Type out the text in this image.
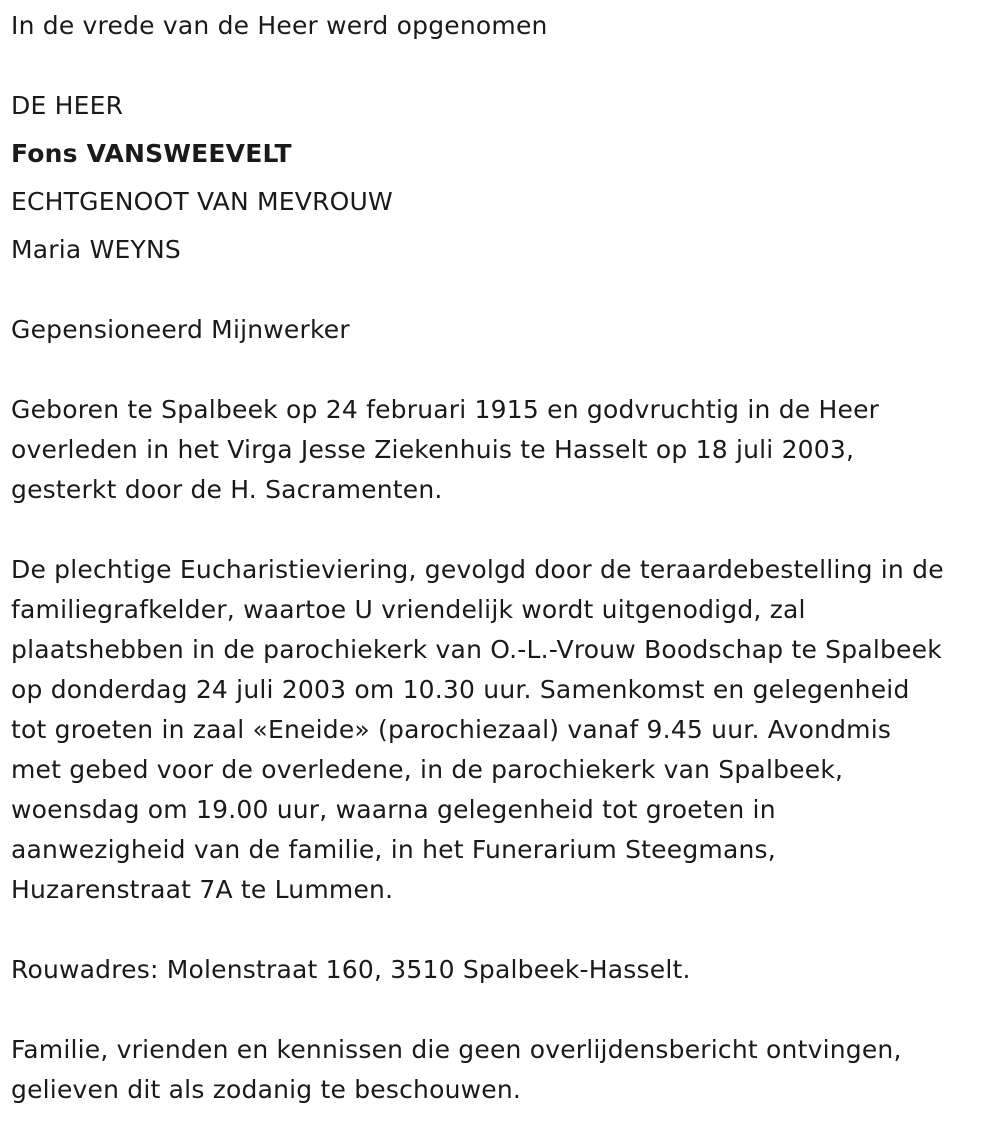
In de vrede van de Heer werd opgenomen
DE HEER
Fons VANSWEEVELT
ECHTGENOOT VAN MEVROUW
Maria WEYNS
Gepensioneerd Mijnwerker
Geboren te Spalbeek op 24 februari 1915 en godvruchtig in de Heer
overleden in het Virga Jesse Ziekenhuis te Hasselt op 18 juli 2003,
gesterkt door de H. Sacramenten.
De plechtige Eucharistieviering, gevolgd door de teraardebestelling in de
familiegrafkelder, waartoe U vriendelijk wordt uitgenodigd, zal
plaatshebben in de parochiekerk van O.-L.-Vrouw Boodschap te Spalbeek
op donderdag 24 juli 2003 om 10.30 uur. Samenkomst en gelegenheid
tot groeten in zaal «Eneide» (parochiezaal) vanaf 9.45 uur. Avondmis
met gebed voor de overledene, in de parochiekerk van Spalbeek,
woensdag om 19.00 uur, waarna gelegenheid tot groeten in
aanwezigheid van de familie, in het Funerarium Steegmans,
Huzarenstraat 7A te Lummen.
Rouwadres: Molenstraat 160, 3510 Spalbeek-Hasselt.
Familie, vrienden en kennissen die geen overlijdensbericht ontvingen,
gelieven dit als zodanig te beschouwen.
